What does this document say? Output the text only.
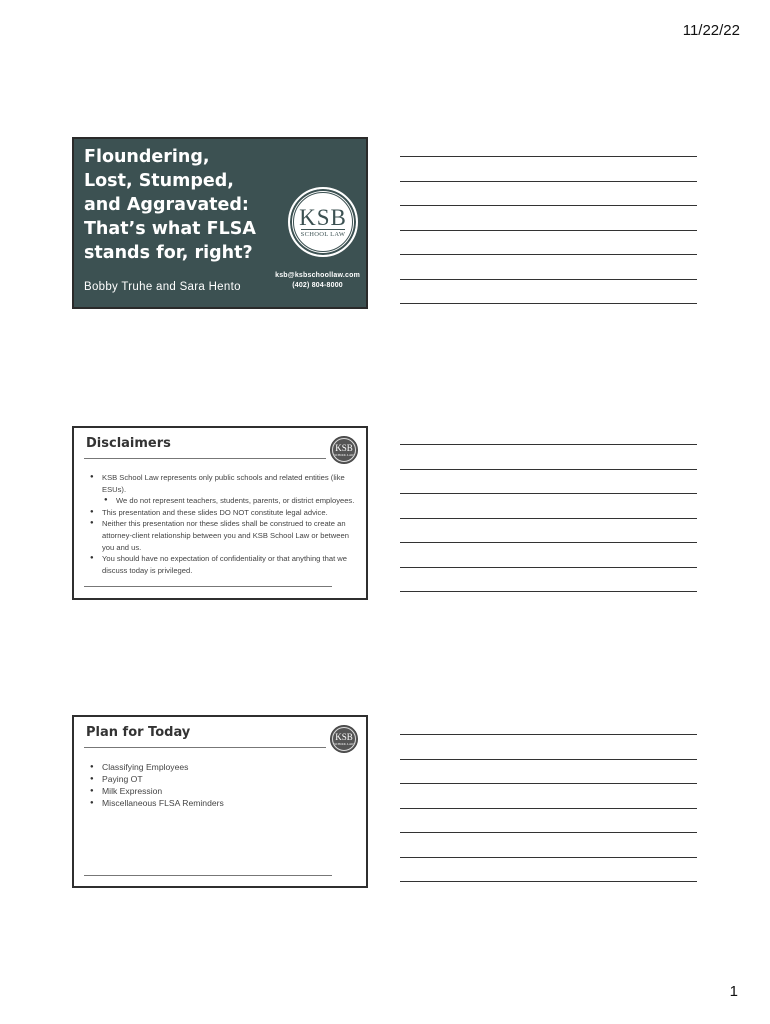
11/22/22
Floundering,
Lost, Stumped,
and Aggravated:
That’s what FLSA
stands for, right?
Bobby Truhe and Sara Hento
KSB
SCHOOL LAW
ksb@ksbschoollaw.com
(402) 804-8000
Disclaimers	KSB
SCHOOL LAW
● KSB School Law represents only public schools and related entities (like ESUs).
● We do not represent teachers, students, parents, or district employees.
● This presentation and these slides DO NOT constitute legal advice.
● Neither this presentation nor these slides shall be construed to create an attorney-client relationship between you and KSB School Law or between you and us.
● You should have no expectation of confidentiality or that anything that we discuss today is privileged.
Plan for Today	KSB
SCHOOL LAW
● Classifying Employees
● Paying OT
● Milk Expression
● Miscellaneous FLSA Reminders
1
